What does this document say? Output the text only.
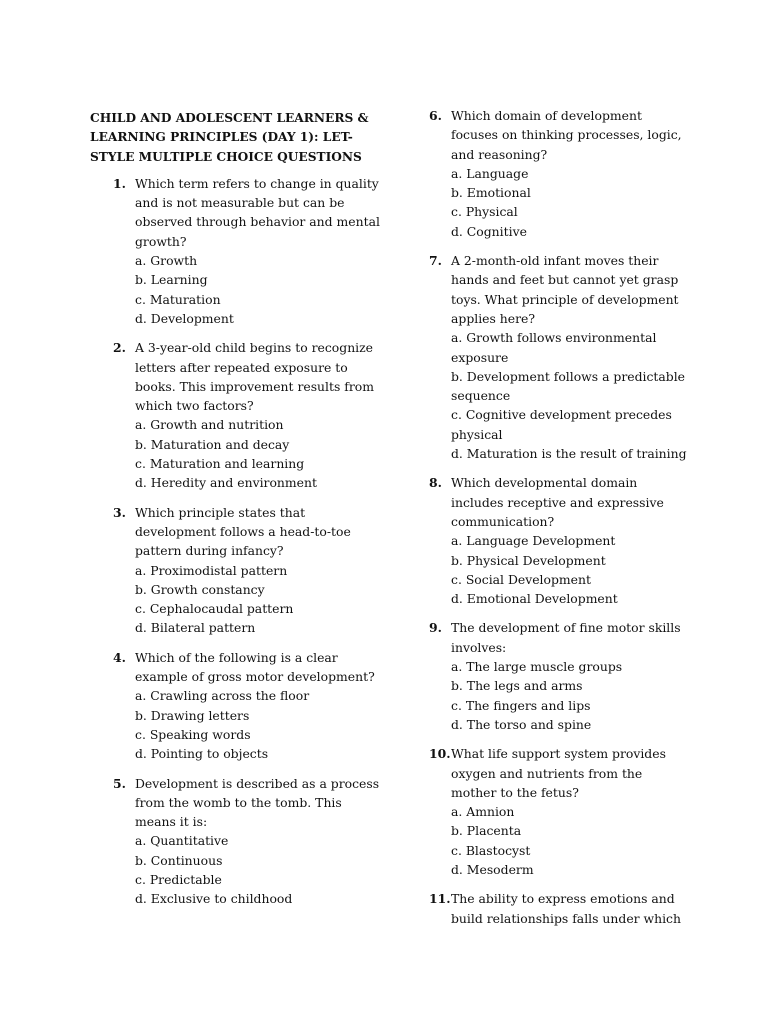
CHILD AND ADOLESCENT LEARNERS & LEARNING PRINCIPLES (DAY 1): LET-STYLE MULTIPLE CHOICE QUESTIONS
1. Which term refers to change in quality and is not measurable but can be observed through behavior and mental growth?
a. Growth
b. Learning
c. Maturation
d. Development
2. A 3-year-old child begins to recognize letters after repeated exposure to books. This improvement results from which two factors?
a. Growth and nutrition
b. Maturation and decay
c. Maturation and learning
d. Heredity and environment
3. Which principle states that development follows a head-to-toe pattern during infancy?
a. Proximodistal pattern
b. Growth constancy
c. Cephalocaudal pattern
d. Bilateral pattern
4. Which of the following is a clear example of gross motor development?
a. Crawling across the floor
b. Drawing letters
c. Speaking words
d. Pointing to objects
5. Development is described as a process from the womb to the tomb. This means it is:
a. Quantitative
b. Continuous
c. Predictable
d. Exclusive to childhood
6. Which domain of development focuses on thinking processes, logic, and reasoning?
a. Language
b. Emotional
c. Physical
d. Cognitive
7. A 2-month-old infant moves their hands and feet but cannot yet grasp toys. What principle of development applies here?
a. Growth follows environmental exposure
b. Development follows a predictable sequence
c. Cognitive development precedes physical
d. Maturation is the result of training
8. Which developmental domain includes receptive and expressive communication?
a. Language Development
b. Physical Development
c. Social Development
d. Emotional Development
9. The development of fine motor skills involves:
a. The large muscle groups
b. The legs and arms
c. The fingers and lips
d. The torso and spine
10. What life support system provides oxygen and nutrients from the mother to the fetus?
a. Amnion
b. Placenta
c. Blastocyst
d. Mesoderm
11. The ability to express emotions and build relationships falls under which
